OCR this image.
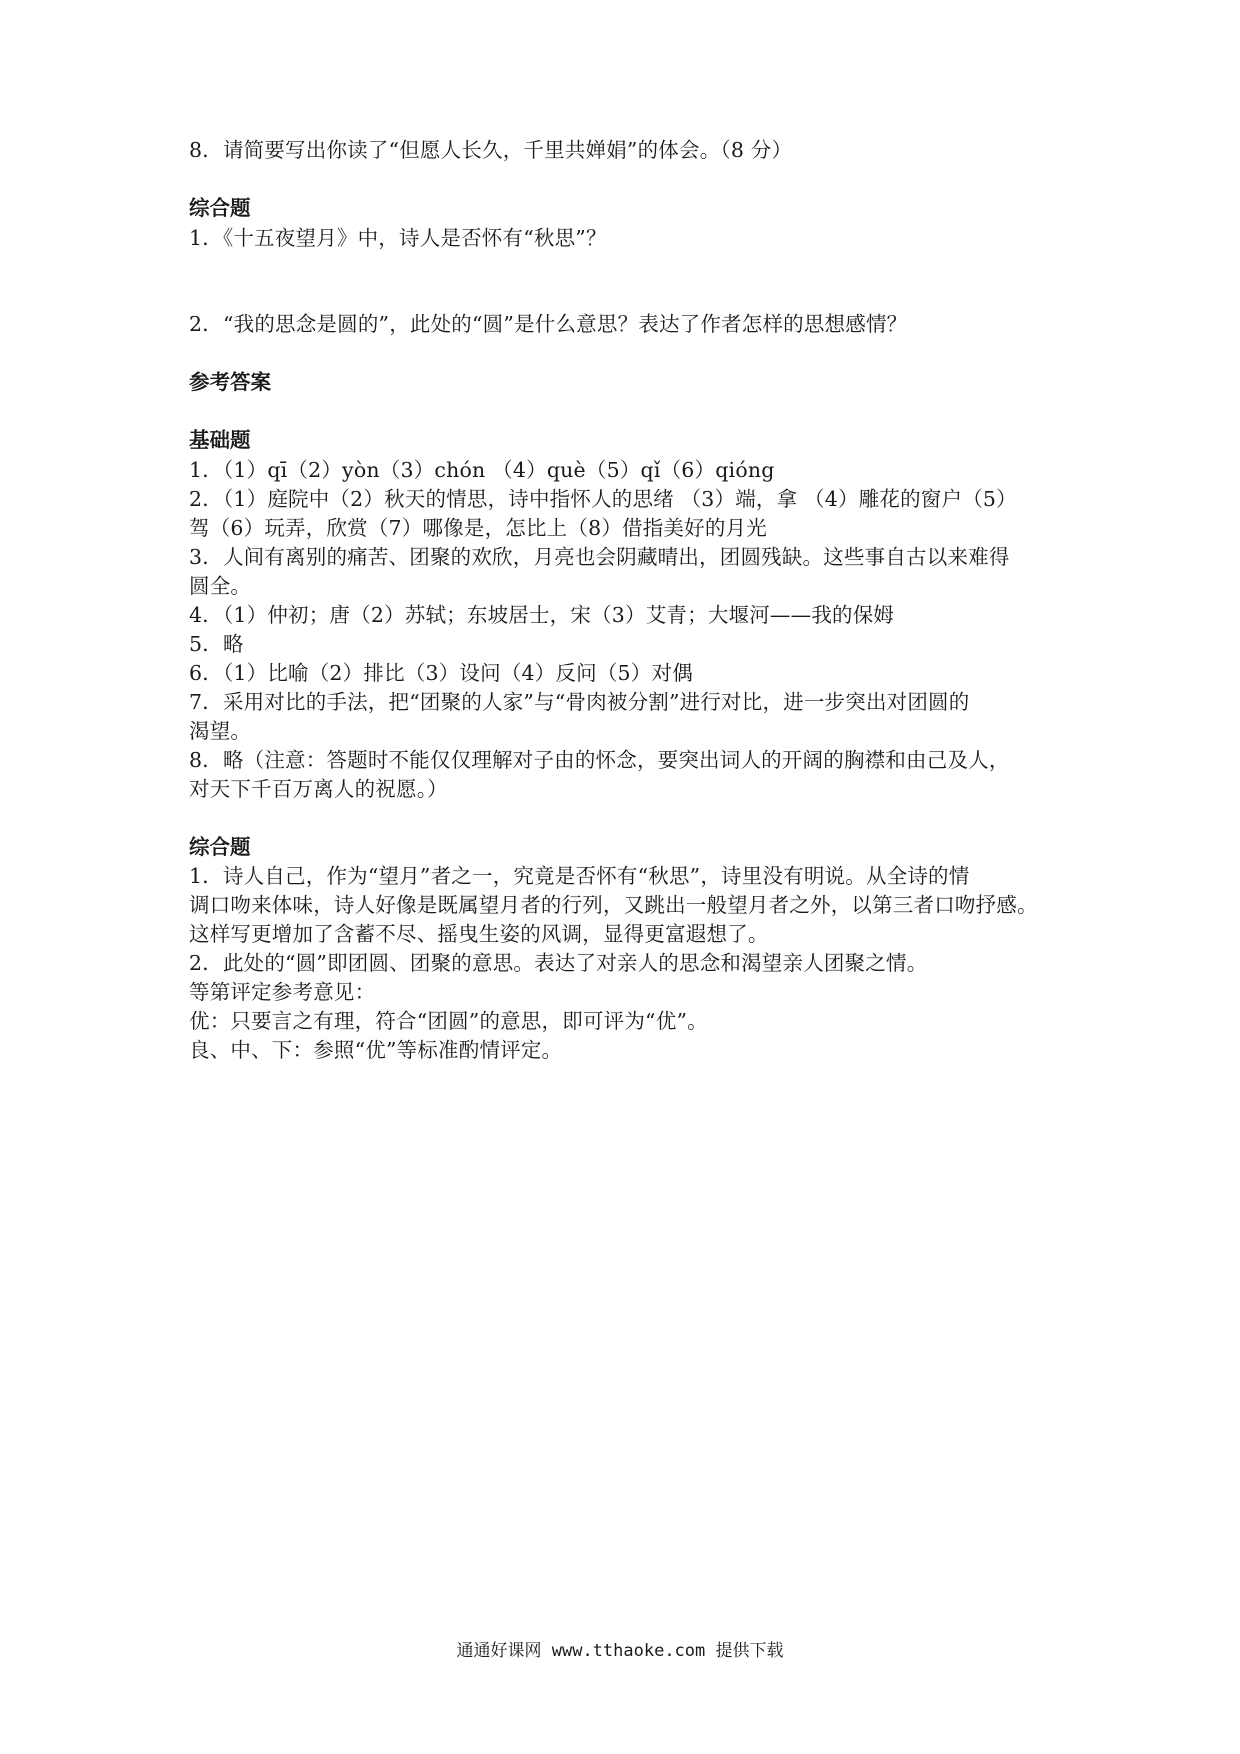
8．请简要写出你读了“但愿人长久，千里共婵娟”的体会。（8 分）
综合题
1．《十五夜望月》中，诗人是否怀有“秋思”？
2．“我的思念是圆的”，此处的“圆”是什么意思？表达了作者怎样的思想感情？
参考答案
基础题
1．（1）qī（2）yòn（3）chón （4）què（5）qǐ（6）qióng
2．（1）庭院中（2）秋天的情思，诗中指怀人的思绪 （3）端，拿 （4）雕花的窗户（5）
驾（6）玩弄，欣赏（7）哪像是，怎比上（8）借指美好的月光
3．人间有离别的痛苦、团聚的欢欣，月亮也会阴藏晴出，团圆残缺。这些事自古以来难得
圆全。
4．（1）仲初；唐（2）苏轼；东坡居士，宋（3）艾青；大堰河——我的保姆
5．略
6．（1）比喻（2）排比（3）设问（4）反问（5）对偶
7．采用对比的手法，把“团聚的人家”与“骨肉被分割”进行对比，进一步突出对团圆的
渴望。
8．略（注意：答题时不能仅仅理解对子由的怀念，要突出词人的开阔的胸襟和由己及人，
对天下千百万离人的祝愿。）
综合题
1．诗人自己，作为“望月”者之一，究竟是否怀有“秋思”，诗里没有明说。从全诗的情
调口吻来体味，诗人好像是既属望月者的行列，又跳出一般望月者之外，以第三者口吻抒感。
这样写更增加了含蓄不尽、摇曳生姿的风调，显得更富遐想了。
2．此处的“圆”即团圆、团聚的意思。表达了对亲人的思念和渴望亲人团聚之情。
等第评定参考意见：
优：只要言之有理，符合“团圆”的意思，即可评为“优”。
良、中、下：参照“优”等标准酌情评定。
通通好课网 www.tthaoke.com 提供下载
